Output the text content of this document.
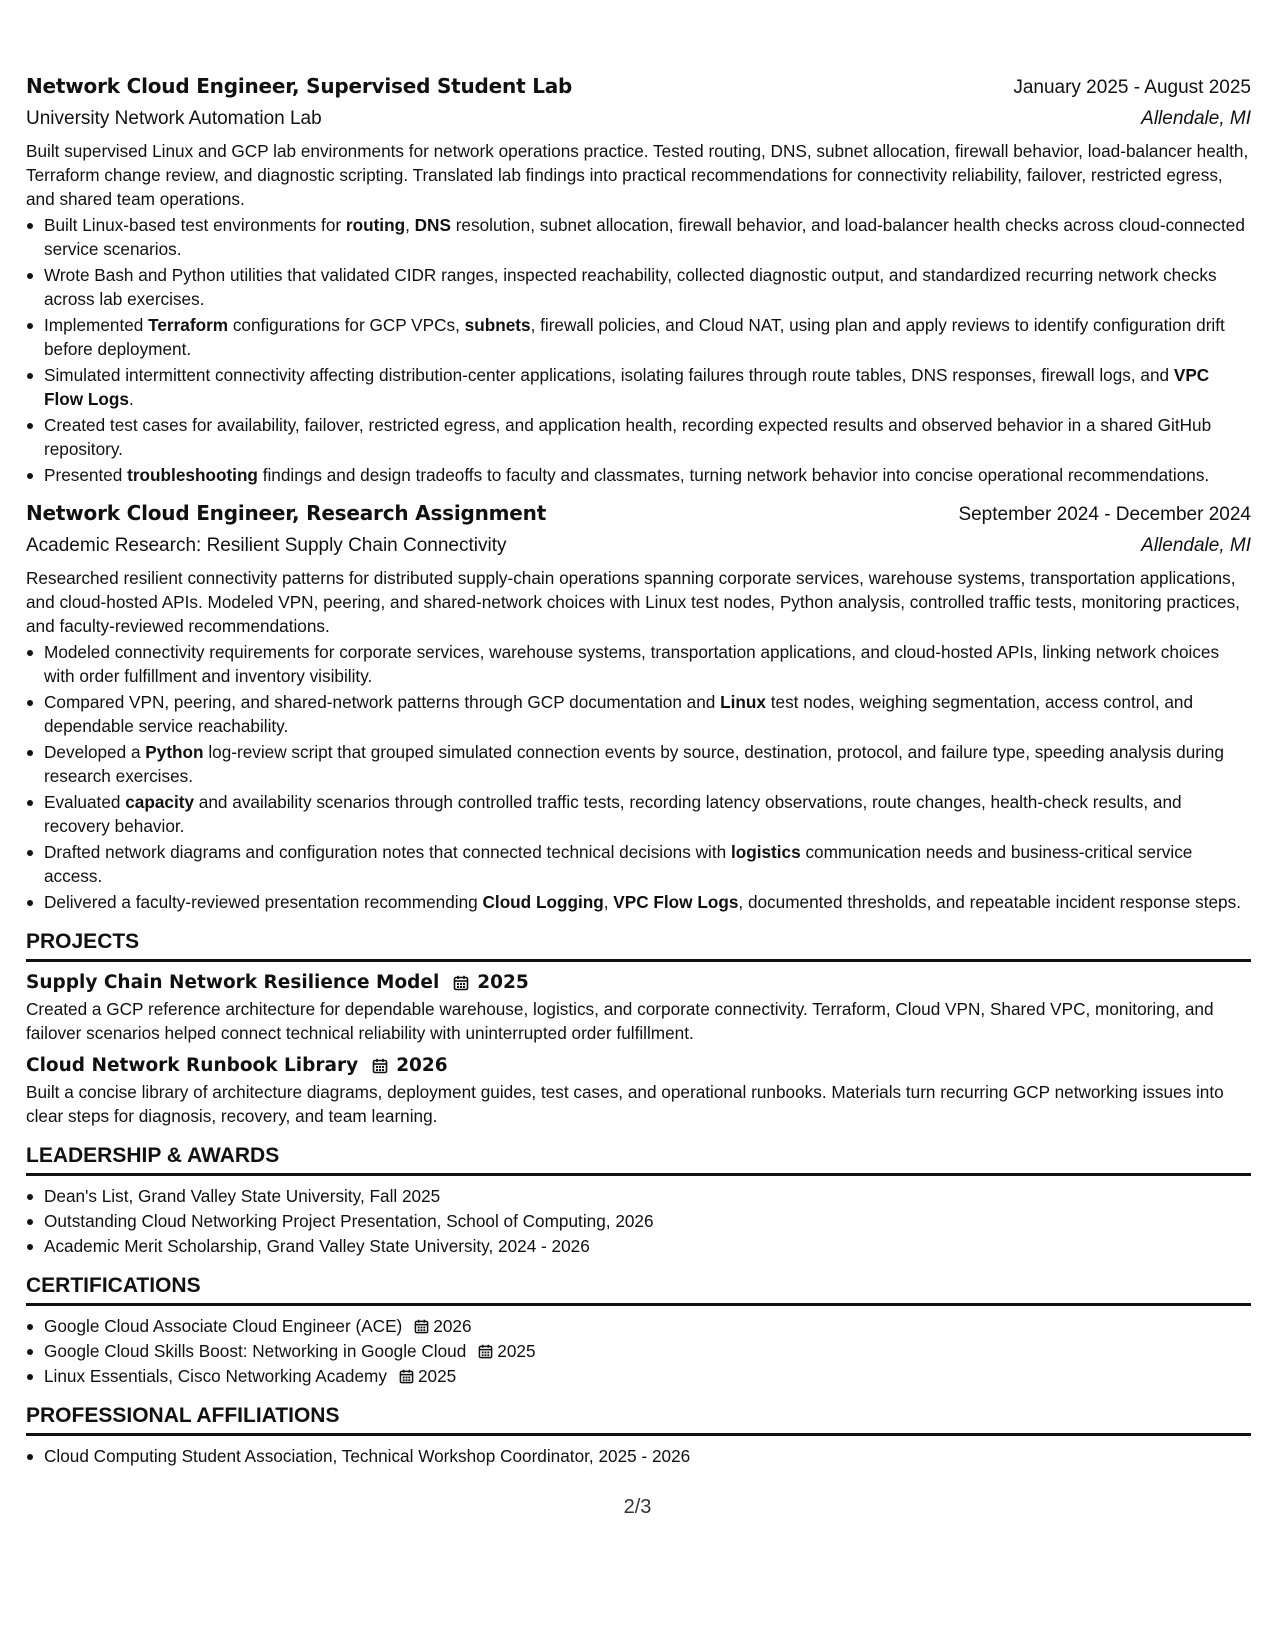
Network Cloud Engineer, Supervised Student Lab	January 2025 - August 2025
University Network Automation Lab	Allendale, MI
Built supervised Linux and GCP lab environments for network operations practice. Tested routing, DNS, subnet allocation, firewall behavior, load-balancer health, Terraform change review, and diagnostic scripting. Translated lab findings into practical recommendations for connectivity reliability, failover, restricted egress, and shared team operations.
Built Linux-based test environments for routing, DNS resolution, subnet allocation, firewall behavior, and load-balancer health checks across cloud-connected service scenarios.
Wrote Bash and Python utilities that validated CIDR ranges, inspected reachability, collected diagnostic output, and standardized recurring network checks across lab exercises.
Implemented Terraform configurations for GCP VPCs, subnets, firewall policies, and Cloud NAT, using plan and apply reviews to identify configuration drift before deployment.
Simulated intermittent connectivity affecting distribution-center applications, isolating failures through route tables, DNS responses, firewall logs, and VPC Flow Logs.
Created test cases for availability, failover, restricted egress, and application health, recording expected results and observed behavior in a shared GitHub repository.
Presented troubleshooting findings and design tradeoffs to faculty and classmates, turning network behavior into concise operational recommendations.
Network Cloud Engineer, Research Assignment	September 2024 - December 2024
Academic Research: Resilient Supply Chain Connectivity	Allendale, MI
Researched resilient connectivity patterns for distributed supply-chain operations spanning corporate services, warehouse systems, transportation applications, and cloud-hosted APIs. Modeled VPN, peering, and shared-network choices with Linux test nodes, Python analysis, controlled traffic tests, monitoring practices, and faculty-reviewed recommendations.
Modeled connectivity requirements for corporate services, warehouse systems, transportation applications, and cloud-hosted APIs, linking network choices with order fulfillment and inventory visibility.
Compared VPN, peering, and shared-network patterns through GCP documentation and Linux test nodes, weighing segmentation, access control, and dependable service reachability.
Developed a Python log-review script that grouped simulated connection events by source, destination, protocol, and failure type, speeding analysis during research exercises.
Evaluated capacity and availability scenarios through controlled traffic tests, recording latency observations, route changes, health-check results, and recovery behavior.
Drafted network diagrams and configuration notes that connected technical decisions with logistics communication needs and business-critical service access.
Delivered a faculty-reviewed presentation recommending Cloud Logging, VPC Flow Logs, documented thresholds, and repeatable incident response steps.
PROJECTS
Supply Chain Network Resilience Model 2025
Created a GCP reference architecture for dependable warehouse, logistics, and corporate connectivity. Terraform, Cloud VPN, Shared VPC, monitoring, and failover scenarios helped connect technical reliability with uninterrupted order fulfillment.
Cloud Network Runbook Library 2026
Built a concise library of architecture diagrams, deployment guides, test cases, and operational runbooks. Materials turn recurring GCP networking issues into clear steps for diagnosis, recovery, and team learning.
LEADERSHIP & AWARDS
Dean's List, Grand Valley State University, Fall 2025
Outstanding Cloud Networking Project Presentation, School of Computing, 2026
Academic Merit Scholarship, Grand Valley State University, 2024 - 2026
CERTIFICATIONS
Google Cloud Associate Cloud Engineer (ACE) 2026
Google Cloud Skills Boost: Networking in Google Cloud 2025
Linux Essentials, Cisco Networking Academy 2025
PROFESSIONAL AFFILIATIONS
Cloud Computing Student Association, Technical Workshop Coordinator, 2025 - 2026
2/3
